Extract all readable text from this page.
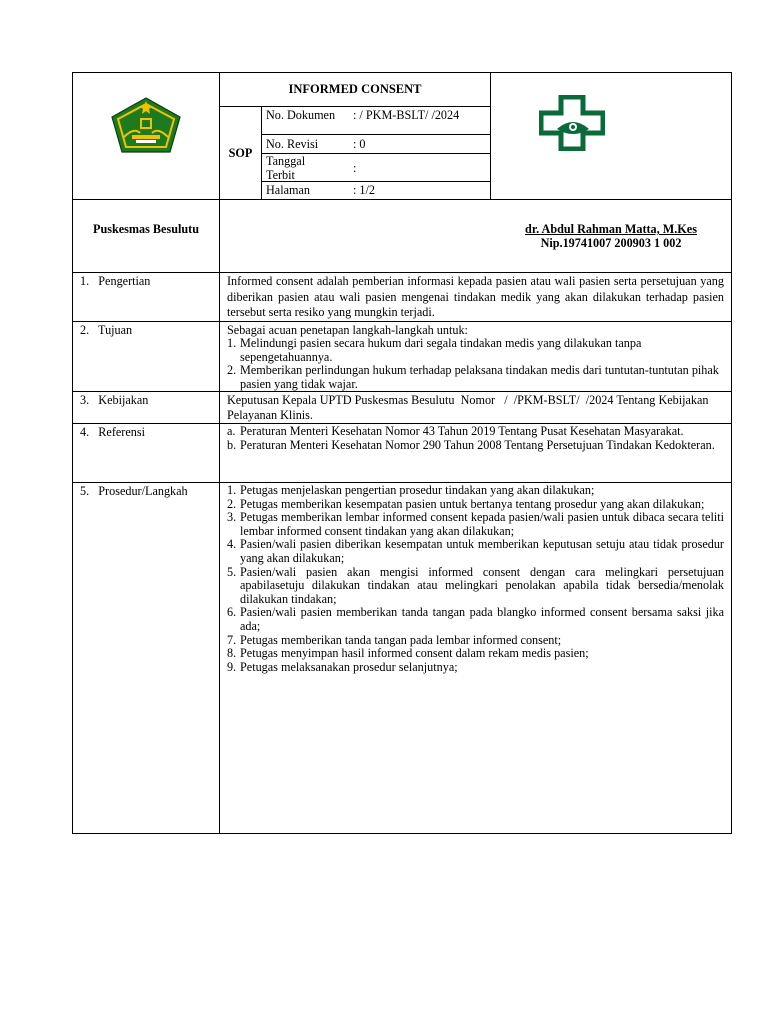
INFORMED CONSENT
SOP
No. Dokumen	: / PKM-BSLT/ /2024
No. Revisi	: 0
Tanggal Terbit	:
Halaman	: 1/2
Puskesmas Besulutu	dr. Abdul Rahman Matta, M.Kes
Nip.19741007 200903 1 002
1.   Pengertian	Informed consent adalah pemberian informasi kepada pasien atau wali pasien serta persetujuan yang diberikan pasien atau wali pasien mengenai tindakan medik yang akan dilakukan terhadap pasien tersebut serta resiko yang mungkin terjadi.
2.   Tujuan	Sebagai acuan penetapan langkah-langkah untuk:
1. Melindungi pasien secara hukum dari segala tindakan medis yang dilakukan tanpa sepengetahuannya.
2. Memberikan perlindungan hukum terhadap pelaksana tindakan medis dari tuntutan-tuntutan pihak pasien yang tidak wajar.
3.   Kebijakan	Keputusan Kepala UPTD Puskesmas Besulutu  Nomor   /  /PKM-BSLT/  /2024 Tentang Kebijakan Pelayanan Klinis.
4.   Referensi	a. Peraturan Menteri Kesehatan Nomor 43 Tahun 2019 Tentang Pusat Kesehatan Masyarakat.
b. Peraturan Menteri Kesehatan Nomor 290 Tahun 2008 Tentang Persetujuan Tindakan Kedokteran.
5.   Prosedur/Langkah	1. Petugas menjelaskan pengertian prosedur tindakan yang akan dilakukan;
2. Petugas memberikan kesempatan pasien untuk bertanya tentang prosedur yang akan dilakukan;
3. Petugas memberikan lembar informed consent kepada pasien/wali pasien untuk dibaca secara teliti lembar informed consent tindakan yang akan dilakukan;
4. Pasien/wali pasien diberikan kesempatan untuk memberikan keputusan setuju atau tidak prosedur yang akan dilakukan;
5. Pasien/wali pasien akan mengisi informed consent dengan cara melingkari persetujuan apabilasetuju dilakukan tindakan atau melingkari penolakan apabila tidak bersedia/menolak dilakukan tindakan;
6. Pasien/wali pasien memberikan tanda tangan pada blangko informed consent bersama saksi jika ada;
7. Petugas memberikan tanda tangan pada lembar informed consent;
8. Petugas menyimpan hasil informed consent dalam rekam medis pasien;
9. Petugas melaksanakan prosedur selanjutnya;
